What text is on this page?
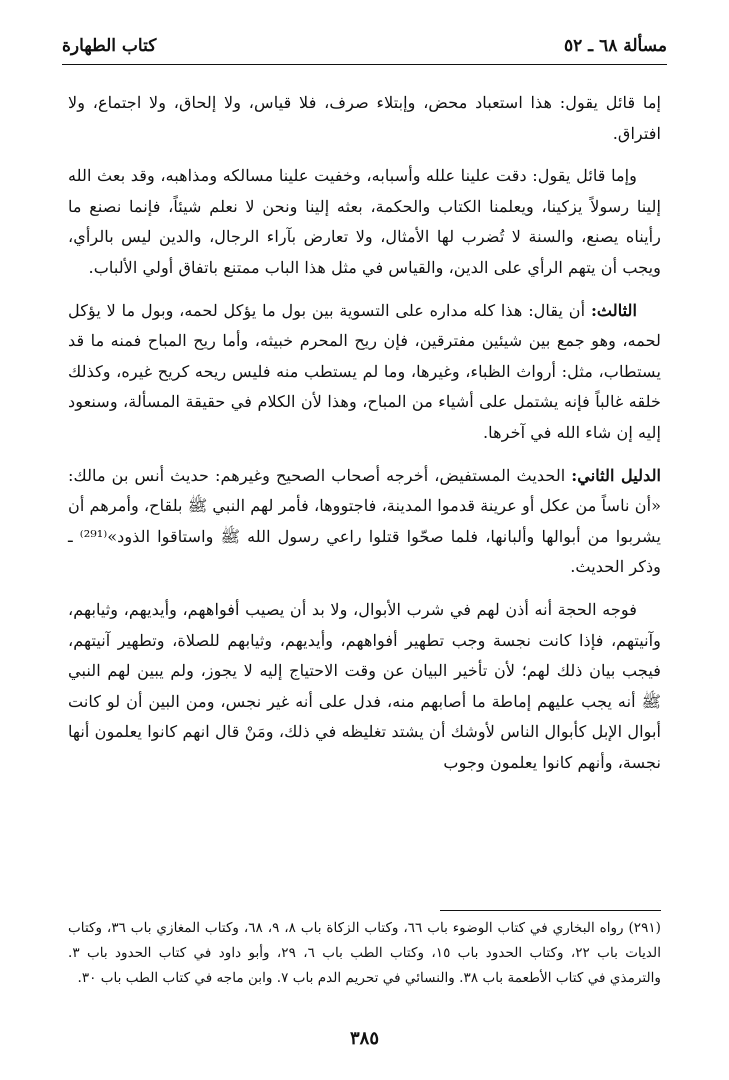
مسألة ٦٨ ـ ٥٢
كتاب الطهارة

إما قائل يقول: هذا استعباد محض، وإبتلاء صرف، فلا قياس، ولا إلحاق، ولا اجتماع، ولا افتراق.

وإما قائل يقول: دقت علينا علله وأسبابه، وخفيت علينا مسالكه ومذاهبه، وقد بعث الله إلينا رسولاً يزكينا، ويعلمنا الكتاب والحكمة، بعثه إلينا ونحن لا نعلم شيئاً، فإنما نصنع ما رأيناه يصنع، والسنة لا تُضرب لها الأمثال، ولا تعارض بآراء الرجال، والدين ليس بالرأي، ويجب أن يتهم الرأي على الدين، والقياس في مثل هذا الباب ممتنع باتفاق أولي الألباب.

الثالث: أن يقال: هذا كله مداره على التسوية بين بول ما يؤكل لحمه، وبول ما لا يؤكل لحمه، وهو جمع بين شيئين مفترقين، فإن ريح المحرم خبيثه، وأما ريح المباح فمنه ما قد يستطاب، مثل: أرواث الظباء، وغيرها، وما لم يستطب منه فليس ريحه كريح غيره، وكذلك خلقه غالباً فإنه يشتمل على أشياء من المباح، وهذا لأن الكلام في حقيقة المسألة، وسنعود إليه إن شاء الله في آخرها.

الدليل الثاني: الحديث المستفيض، أخرجه أصحاب الصحيح وغيرهم: حديث أنس بن مالك: «أن ناساً من عكل أو عرينة قدموا المدينة، فاجتووها، فأمر لهم النبي ﷺ بلقاح، وأمرهم أن يشربوا من أبوالها وألبانها، فلما صحّوا قتلوا راعي رسول الله ﷺ واستاقوا الذود»⁽²⁹¹⁾ ـ وذكر الحديث.

فوجه الحجة أنه أذن لهم في شرب الأبوال، ولا بد أن يصيب أفواههم، وأيديهم، وثيابهم، وآنيتهم، فإذا كانت نجسة وجب تطهير أفواههم، وأيديهم، وثيابهم للصلاة، وتطهير آنيتهم، فيجب بيان ذلك لهم؛ لأن تأخير البيان عن وقت الاحتياج إليه لا يجوز، ولم يبين لهم النبي ﷺ أنه يجب عليهم إماطة ما أصابهم منه، فدل على أنه غير نجس، ومن البين أن لو كانت أبوال الإبل كأبوال الناس لأوشك أن يشتد تغليظه في ذلك، ومَنْ قال انهم كانوا يعلمون أنها نجسة، وأنهم كانوا يعلمون وجوب

(٢٩١) رواه البخاري في كتاب الوضوء باب ٦٦، وكتاب الزكاة باب ٨، ٩، ٦٨، وكتاب المغازي باب ٣٦، وكتاب الديات باب ٢٢، وكتاب الحدود باب ١٥، وكتاب الطب باب ٦، ٢٩، وأبو داود في كتاب الحدود باب ٣. والترمذي في كتاب الأطعمة باب ٣٨. والنسائي في تحريم الدم باب ٧. وابن ماجه في كتاب الطب باب ٣٠.
٣٨٥
